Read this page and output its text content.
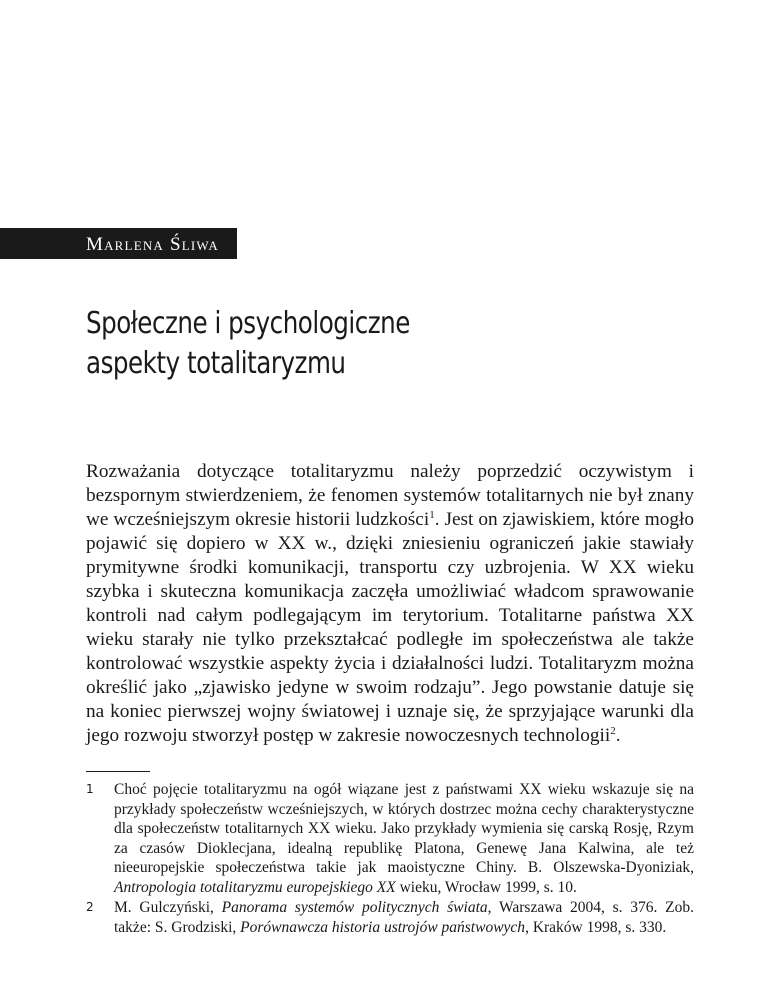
Marlena Śliwa
Społeczne i psychologiczne
aspekty totalitaryzmu

Rozważania dotyczące totalitaryzmu należy poprzedzić oczywistym i bezspornym stwierdzeniem, że fenomen systemów totalitarnych nie był znany we wcześniejszym okresie historii ludzkości$^1$. Jest on zjawiskiem, które mogło pojawić się dopiero w XX w., dzięki zniesieniu ograniczeń jakie stawiały prymitywne środki komunikacji, transportu czy uzbrojenia. W XX wieku szybka i skuteczna komunikacja zaczęła umożliwiać władcom sprawowanie kontroli nad całym podlegającym im terytorium. Totalitarne państwa XX wieku starały nie tylko przekształcać podległe im społeczeństwa ale także kontrolować wszystkie aspekty życia i działalności ludzi. Totalitaryzm można określić jako „zjawisko jedyne w swoim rodzaju”. Jego powstanie datuje się na koniec pierwszej wojny światowej i uznaje się, że sprzyjające warunki dla jego rozwoju stworzył postęp w zakresie nowoczesnych technologii$^2$.

1	Choć pojęcie totalitaryzmu na ogół wiązane jest z państwami XX wieku wskazuje się na przykłady społeczeństw wcześniejszych, w których dostrzec można cechy charakterystyczne dla społeczeństw totalitarnych XX wieku. Jako przykłady wymienia się carską Rosję, Rzym za czasów Dioklecjana, idealną republikę Platona, Genewę Jana Kalwina, ale też nieeuropejskie społeczeństwa takie jak maoistyczne Chiny. B. Olszewska-Dyoniziak, Antropologia totalitaryzmu europejskiego XX wieku, Wrocław 1999, s. 10.
2	M. Gulczyński, Panorama systemów politycznych świata, Warszawa 2004, s. 376. Zob. także: S. Grodziski, Porównawcza historia ustrojów państwowych, Kraków 1998, s. 330.
